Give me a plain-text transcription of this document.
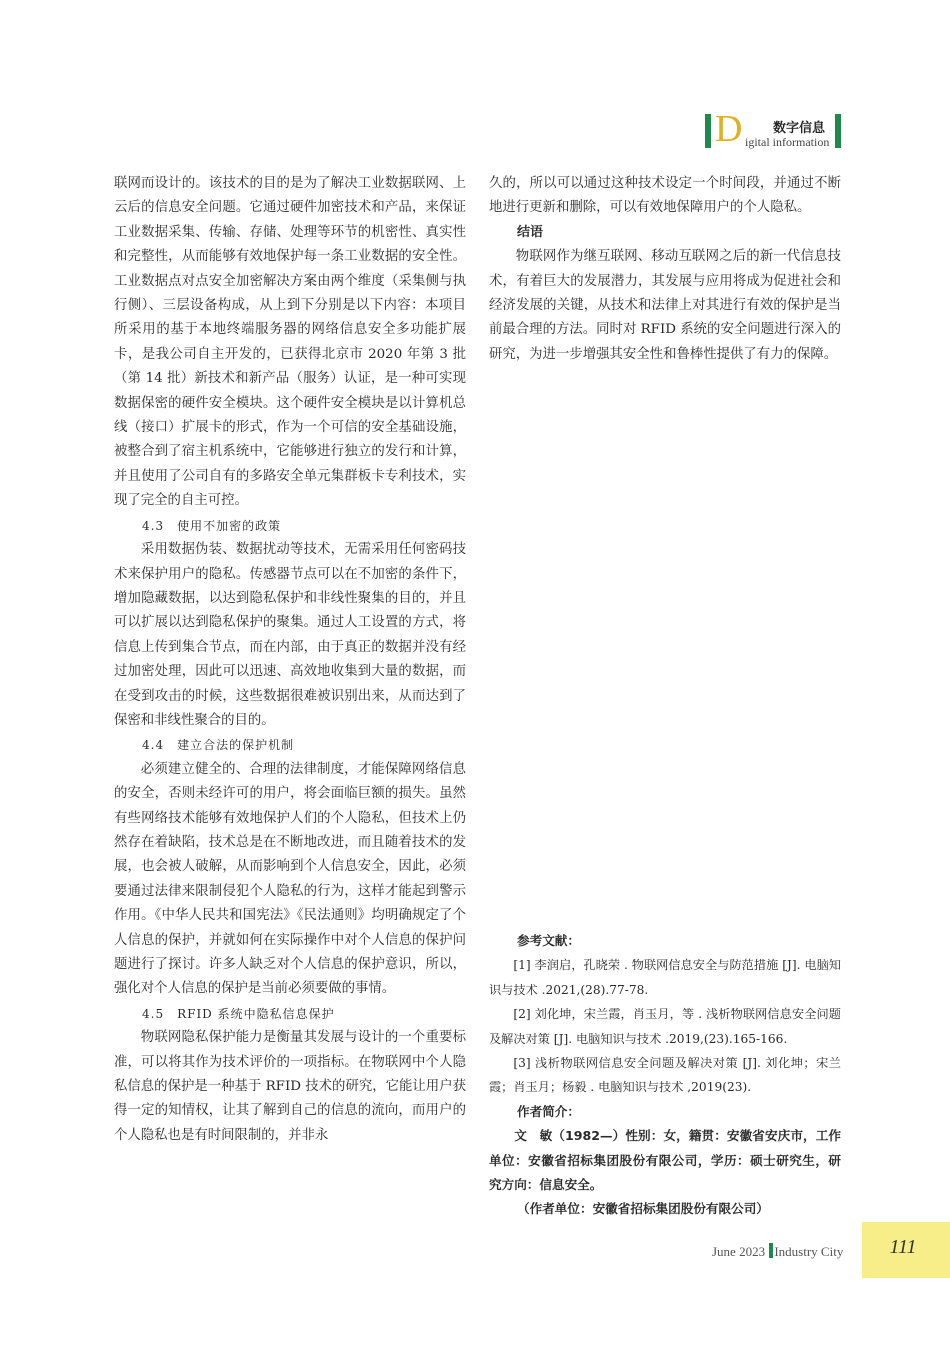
D 数字信息
igital information

联网而设计的。该技术的目的是为了解决工业数据联网、上云后的信息安全问题。它通过硬件加密技术和产品，来保证工业数据采集、传输、存储、处理等环节的机密性、真实性和完整性，从而能够有效地保护每一条工业数据的安全性。工业数据点对点安全加密解决方案由两个维度（采集侧与执行侧）、三层设备构成，从上到下分别是以下内容：本项目所采用的基于本地终端服务器的网络信息安全多功能扩展卡，是我公司自主开发的，已获得北京市 2020 年第 3 批（第 14 批）新技术和新产品（服务）认证，是一种可实现数据保密的硬件安全模块。这个硬件安全模块是以计算机总线（接口）扩展卡的形式，作为一个可信的安全基础设施，被整合到了宿主机系统中，它能够进行独立的发行和计算，并且使用了公司自有的多路安全单元集群板卡专利技术，实现了完全的自主可控。

4.3　使用不加密的政策

采用数据伪装、数据扰动等技术，无需采用任何密码技术来保护用户的隐私。传感器节点可以在不加密的条件下，增加隐藏数据，以达到隐私保护和非线性聚集的目的，并且可以扩展以达到隐私保护的聚集。通过人工设置的方式，将信息上传到集合节点，而在内部，由于真正的数据并没有经过加密处理，因此可以迅速、高效地收集到大量的数据，而在受到攻击的时候，这些数据很难被识别出来，从而达到了保密和非线性聚合的目的。

4.4　建立合法的保护机制

必须建立健全的、合理的法律制度，才能保障网络信息的安全，否则未经许可的用户，将会面临巨额的损失。虽然有些网络技术能够有效地保护人们的个人隐私，但技术上仍然存在着缺陷，技术总是在不断地改进，而且随着技术的发展，也会被人破解，从而影响到个人信息安全，因此，必须要通过法律来限制侵犯个人隐私的行为，这样才能起到警示作用。《中华人民共和国宪法》《民法通则》均明确规定了个人信息的保护，并就如何在实际操作中对个人信息的保护问题进行了探讨。许多人缺乏对个人信息的保护意识，所以，强化对个人信息的保护是当前必须要做的事情。

4.5　RFID 系统中隐私信息保护

物联网隐私保护能力是衡量其发展与设计的一个重要标准，可以将其作为技术评价的一项指标。在物联网中个人隐私信息的保护是一种基于 RFID 技术的研究，它能让用户获得一定的知情权，让其了解到自己的信息的流向，而用户的个人隐私也是有时间限制的，并非永

久的，所以可以通过这种技术设定一个时间段，并通过不断地进行更新和删除，可以有效地保障用户的个人隐私。

结语

物联网作为继互联网、移动互联网之后的新一代信息技术，有着巨大的发展潜力，其发展与应用将成为促进社会和经济发展的关键，从技术和法律上对其进行有效的保护是当前最合理的方法。同时对 RFID 系统的安全问题进行深入的研究，为进一步增强其安全性和鲁棒性提供了有力的保障。

参考文献：

[1] 李润启，孔晓荣 . 物联网信息安全与防范措施 [J]. 电脑知识与技术 .2021,(28).77-78.

[2] 刘化坤，宋兰霞，肖玉月，等 . 浅析物联网信息安全问题及解决对策 [J]. 电脑知识与技术 .2019,(23).165-166.

[3] 浅析物联网信息安全问题及解决对策 [J]. 刘化坤；宋兰霞；肖玉月；杨毅 . 电脑知识与技术 ,2019(23).

作者简介：

文　敏（1982—）性别：女，籍贯：安徽省安庆市，工作单位：安徽省招标集团股份有限公司，学历：硕士研究生，研究方向：信息安全。

（作者单位：安徽省招标集团股份有限公司）

June 2023 Industry City	111
